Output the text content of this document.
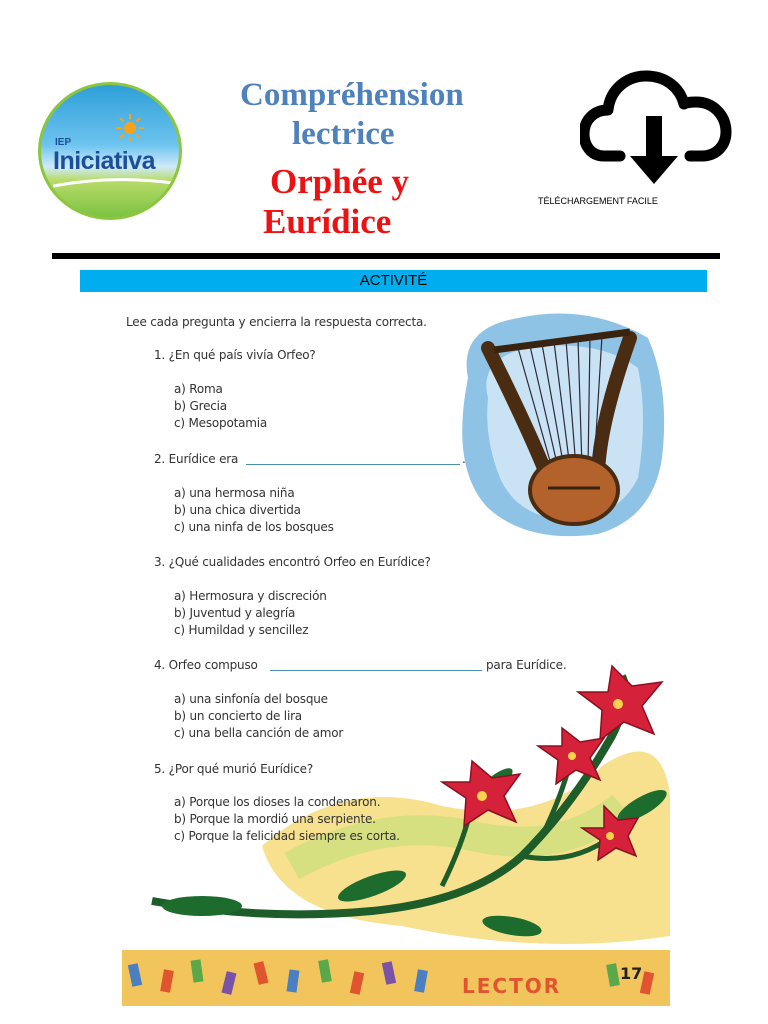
IEP
Iniciativa
Compréhension
lectrice
Orphée y
Eurídice
TÉLÉCHARGEMENT FACILE
ACTIVITÉ
Lee cada pregunta y encierra la respuesta correcta.
1. ¿En qué país vivía Orfeo?
a) Roma
b) Grecia
c) Mesopotamia
2. Eurídice era	.
a) una hermosa niña
b) una chica divertida
c) una ninfa de los bosques
3. ¿Qué cualidades encontró Orfeo en Eurídice?
a) Hermosura y discreción
b) Juventud y alegría
c) Humildad y sencillez
4. Orfeo compuso	para Eurídice.
a) una sinfonía del bosque
b) un concierto de lira
c) una bella canción de amor
5. ¿Por qué murió Eurídice?
a) Porque los dioses la condenaron.
b) Porque la mordió una serpiente.
c) Porque la felicidad siempre es corta.
LECTOR
17
